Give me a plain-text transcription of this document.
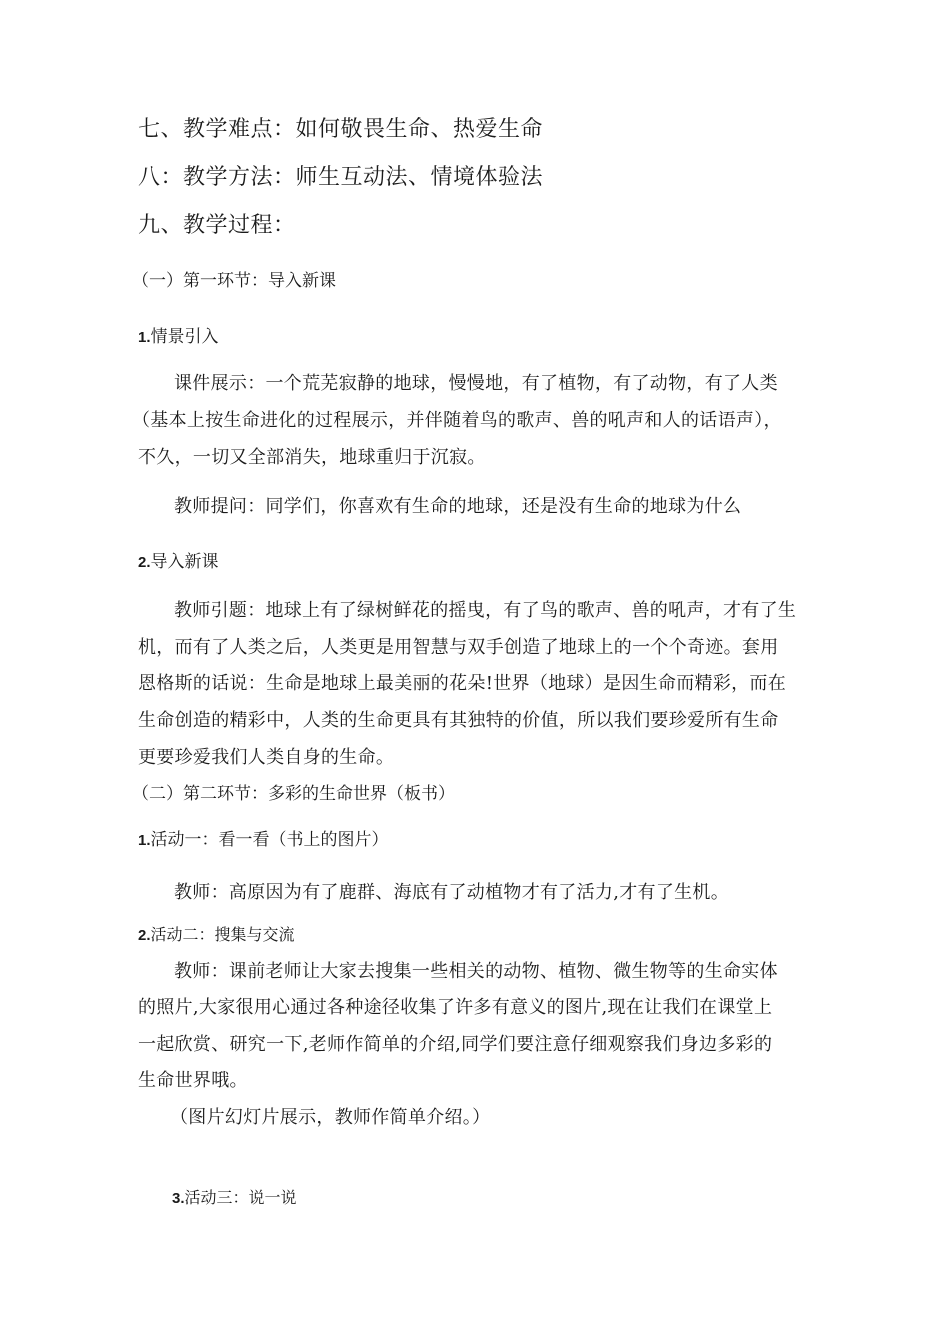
七、教学难点：如何敬畏生命、热爱生命
八：教学方法：师生互动法、情境体验法
九、教学过程：
（一）第一环节：导入新课
1.情景引入
课件展示：一个荒芜寂静的地球，慢慢地，有了植物，有了动物，有了人类
（基本上按生命进化的过程展示，并伴随着鸟的歌声、兽的吼声和人的话语声），
不久，一切又全部消失，地球重归于沉寂。
教师提问：同学们，你喜欢有生命的地球，还是没有生命的地球为什么
2.导入新课
教师引题：地球上有了绿树鲜花的摇曳，有了鸟的歌声、兽的吼声，才有了生
机，而有了人类之后，人类更是用智慧与双手创造了地球上的一个个奇迹。套用
恩格斯的话说：生命是地球上最美丽的花朵!世界（地球）是因生命而精彩，而在
生命创造的精彩中，人类的生命更具有其独特的价值，所以我们要珍爱所有生命
更要珍爱我们人类自身的生命。
（二）第二环节：多彩的生命世界（板书）
1.活动一：看一看（书上的图片）
教师：高原因为有了鹿群、海底有了动植物才有了活力,才有了生机。
2.活动二：搜集与交流
教师：课前老师让大家去搜集一些相关的动物、植物、微生物等的生命实体
的照片,大家很用心通过各种途径收集了许多有意义的图片,现在让我们在课堂上
一起欣赏、研究一下,老师作简单的介绍,同学们要注意仔细观察我们身边多彩的
生命世界哦。
（图片幻灯片展示，教师作简单介绍。）
3.活动三：说一说
